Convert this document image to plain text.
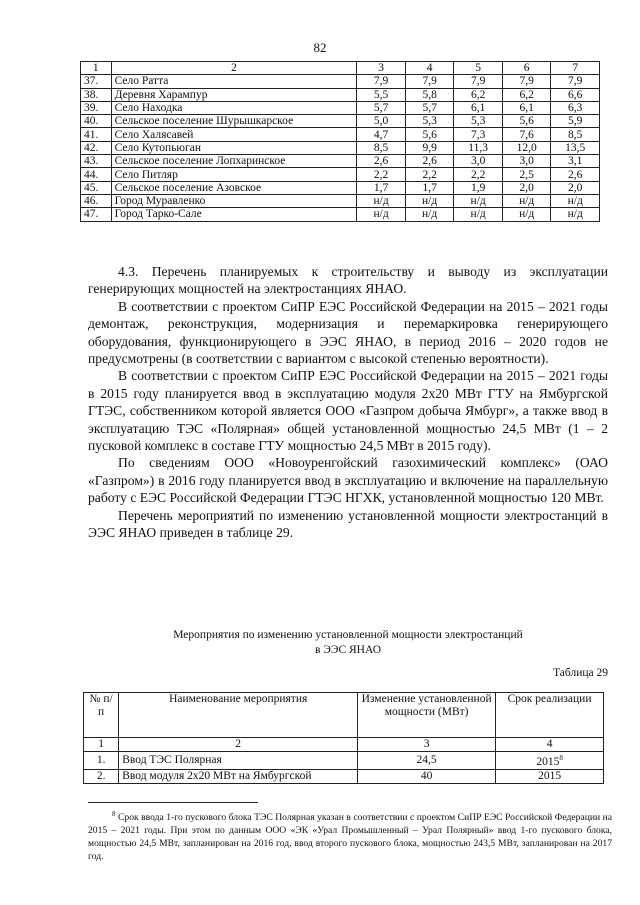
82
1	2	3	4	5	6	7
37.	Село Ратта	7,9	7,9	7,9	7,9	7,9
38.	Деревня Харампур	5,5	5,8	6,2	6,2	6,6
39.	Село Находка	5,7	5,7	6,1	6,1	6,3
40.	Сельское поселение Шурышкарское	5,0	5,3	5,3	5,6	5,9
41.	Село Халясавей	4,7	5,6	7,3	7,6	8,5
42.	Село Кутопьюган	8,5	9,9	11,3	12,0	13,5
43.	Сельское поселение Лопхаринское	2,6	2,6	3,0	3,0	3,1
44.	Село Питляр	2,2	2,2	2,2	2,5	2,6
45.	Сельское поселение Азовское	1,7	1,7	1,9	2,0	2,0
46.	Город Муравленко	н/д	н/д	н/д	н/д	н/д
47.	Город Тарко-Сале	н/д	н/д	н/д	н/д	н/д

4.3. Перечень планируемых к строительству и выводу из эксплуатации генерирующих мощностей на электростанциях ЯНАО.

В соответствии с проектом СиПР ЕЭС Российской Федерации на 2015 – 2021 годы демонтаж, реконструкция, модернизация и перемаркировка генерирующего оборудования, функционирующего в ЭЭС ЯНАО, в период 2016 – 2020 годов не предусмотрены (в соответствии с вариантом с высокой степенью вероятности).

В соответствии с проектом СиПР ЕЭС Российской Федерации на 2015 – 2021 годы в 2015 году планируется ввод в эксплуатацию модуля 2х20 МВт ГТУ на Ямбургской ГТЭС, собственником которой является ООО «Газпром добыча Ямбург», а также ввод в эксплуатацию ТЭС «Полярная» общей установленной мощностью 24,5 МВт (1 – 2 пусковой комплекс в составе ГТУ мощностью 24,5 МВт в 2015 году).

По сведениям ООО «Новоуренгойский газохимический комплекс» (ОАО «Газпром») в 2016 году планируется ввод в эксплуатацию и включение на параллельную работу с ЕЭС Российской Федерации ГТЭС НГХК, установленной мощностью 120 МВт.

Перечень мероприятий по изменению установленной мощности электростанций в ЭЭС ЯНАО приведен в таблице 29.

Мероприятия по изменению установленной мощности электростанций
в ЭЭС ЯНАО
Таблица 29
№ п/п	Наименование мероприятия	Изменение установленной мощности (МВт)	Срок реализации
1	2	3	4
1.	Ввод ТЭС Полярная	24,5	2015$^8$
2.	Ввод модуля 2х20 МВт на Ямбургской	40	2015

$^8$ Срок ввода 1-го пускового блока ТЭС Полярная указан в соответствии с проектом СиПР ЕЭС Российской Федерации на 2015 – 2021 годы. При этом по данным ООО «ЭК «Урал Промышленный – Урал Полярный» ввод 1-го пускового блока, мощностью 24,5 МВт, запланирован на 2016 год, ввод второго пускового блока, мощностью 243,5 МВт, запланирован на 2017 год.
